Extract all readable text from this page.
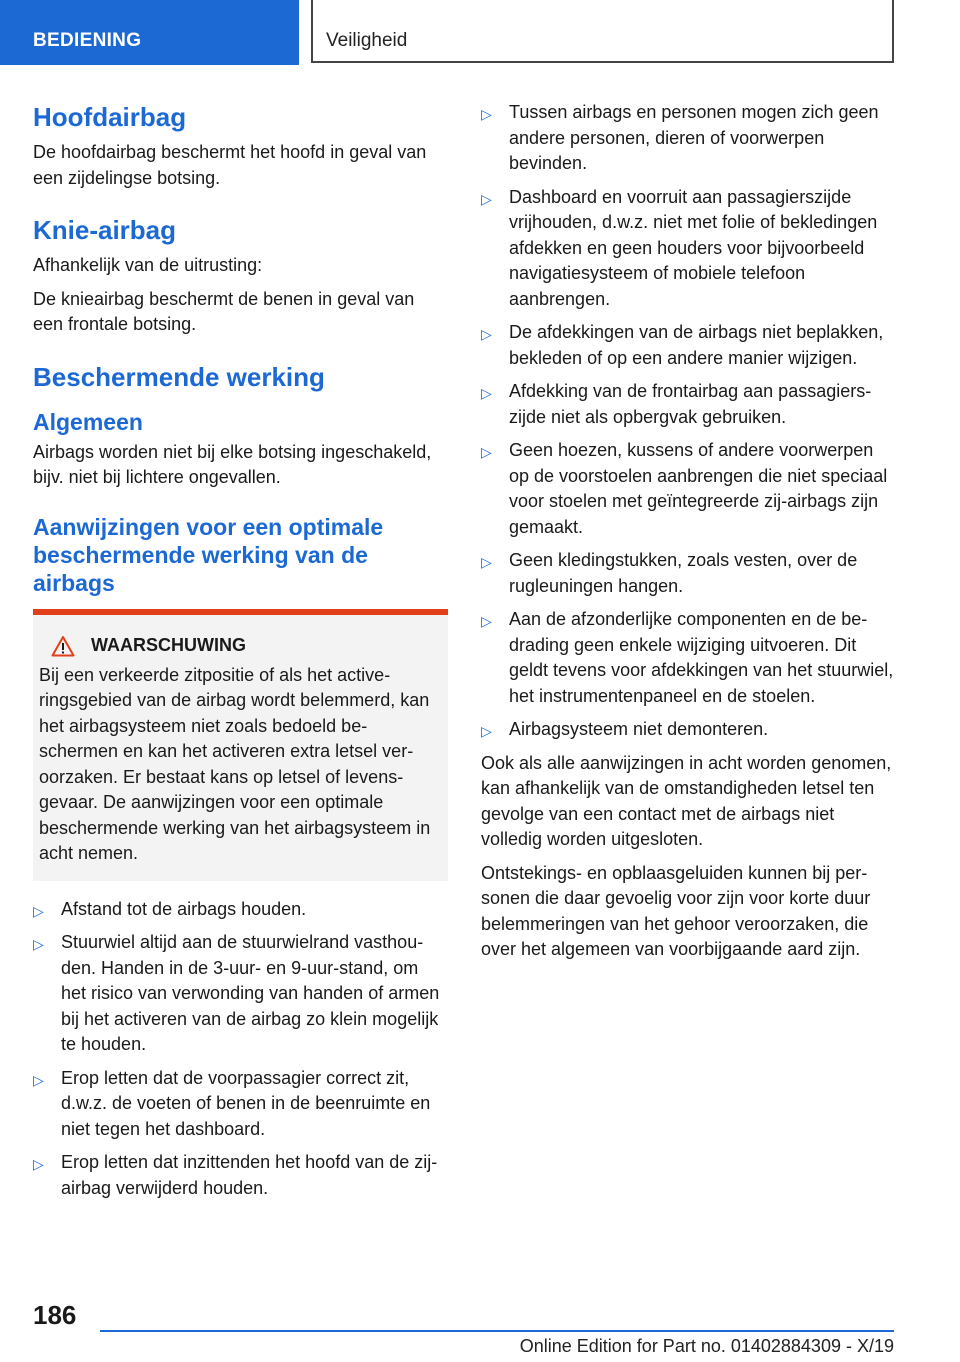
BEDIENING	Veiligheid
Hoofdairbag

De hoofdairbag beschermt het hoofd in geval van een zijdelingse botsing.

Knie-airbag

Afhankelijk van de uitrusting:

De knieairbag beschermt de benen in geval van een frontale botsing.

Beschermende werking
Algemeen

Airbags worden niet bij elke botsing ingeschakeld, bijv. niet bij lichtere ongevallen.

Aanwijzingen voor een optimale beschermende werking van de airbags
WAARSCHUWING

Bij een verkeerde zitpositie of als het activeringsgebied van de airbag wordt belemmerd, kan het airbagsysteem niet zoals bedoeld beschermen en kan het activeren extra letsel veroorzaken. Er bestaat kans op letsel of levensgevaar. De aanwijzingen voor een optimale beschermende werking van het airbagsysteem in acht nemen.

▷ Afstand tot de airbags houden.
▷ Stuurwiel altijd aan de stuurwielrand vasthouden. Handen in de 3-uur- en 9-uur-stand, om het risico van verwonding van handen of armen bij het activeren van de airbag zo klein mogelijk te houden.
▷ Erop letten dat de voorpassagier correct zit, d.w.z. de voeten of benen in de beenruimte en niet tegen het dashboard.
▷ Erop letten dat inzittenden het hoofd van de zij-airbag verwijderd houden.
▷ Tussen airbags en personen mogen zich geen andere personen, dieren of voorwerpen bevinden.
▷ Dashboard en voorruit aan passagierszijde vrijhouden, d.w.z. niet met folie of bekledingen afdekken en geen houders voor bijvoorbeeld navigatiesysteem of mobiele telefoon aanbrengen.
▷ De afdekkingen van de airbags niet beplakken, bekleden of op een andere manier wijzigen.
▷ Afdekking van de frontairbag aan passagierszijde niet als opbergvak gebruiken.
▷ Geen hoezen, kussens of andere voorwerpen op de voorstoelen aanbrengen die niet speciaal voor stoelen met geïntegreerde zij-airbags zijn gemaakt.
▷ Geen kledingstukken, zoals vesten, over de rugleuningen hangen.
▷ Aan de afzonderlijke componenten en de bedrading geen enkele wijziging uitvoeren. Dit geldt tevens voor afdekkingen van het stuurwiel, het instrumentenpaneel en de stoelen.
▷ Airbagsysteem niet demonteren.

Ook als alle aanwijzingen in acht worden genomen, kan afhankelijk van de omstandigheden letsel ten gevolge van een contact met de airbags niet volledig worden uitgesloten.

Ontstekings- en opblaasgeluiden kunnen bij personen die daar gevoelig voor zijn voor korte duur belemmeringen van het gehoor veroorzaken, die over het algemeen van voorbijgaande aard zijn.

186
Online Edition for Part no. 01402884309 - X/19
